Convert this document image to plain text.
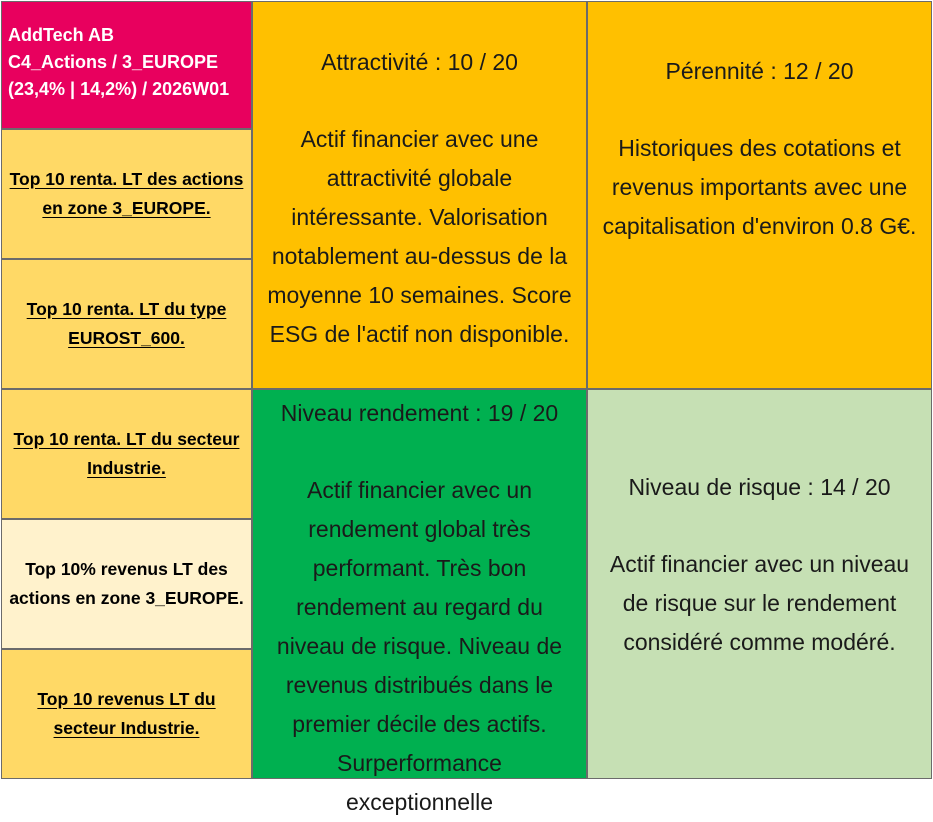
AddTech AB
C4_Actions / 3_EUROPE
(23,4% | 14,2%) / 2026W01
Top 10 renta. LT des actions en zone 3_EUROPE.
Top 10 renta. LT du type EUROST_600.
Top 10 renta. LT du secteur Industrie.
Top 10% revenus LT des actions en zone 3_EUROPE.
Top 10 revenus LT du secteur Industrie.
Attractivité : 10 / 20
Actif financier avec une attractivité globale intéressante. Valorisation notablement au-dessus de la moyenne 10 semaines. Score ESG de l'actif non disponible.
Pérennité : 12 / 20
Historiques des cotations et revenus importants avec une capitalisation d'environ 0.8 G€.
Niveau rendement : 19 / 20
Actif financier avec un rendement global très performant. Très bon rendement au regard du niveau de risque. Niveau de revenus distribués dans le premier décile des actifs. Surperformance exceptionnelle
Niveau de risque : 14 / 20
Actif financier avec un niveau de risque sur le rendement considéré comme modéré.
